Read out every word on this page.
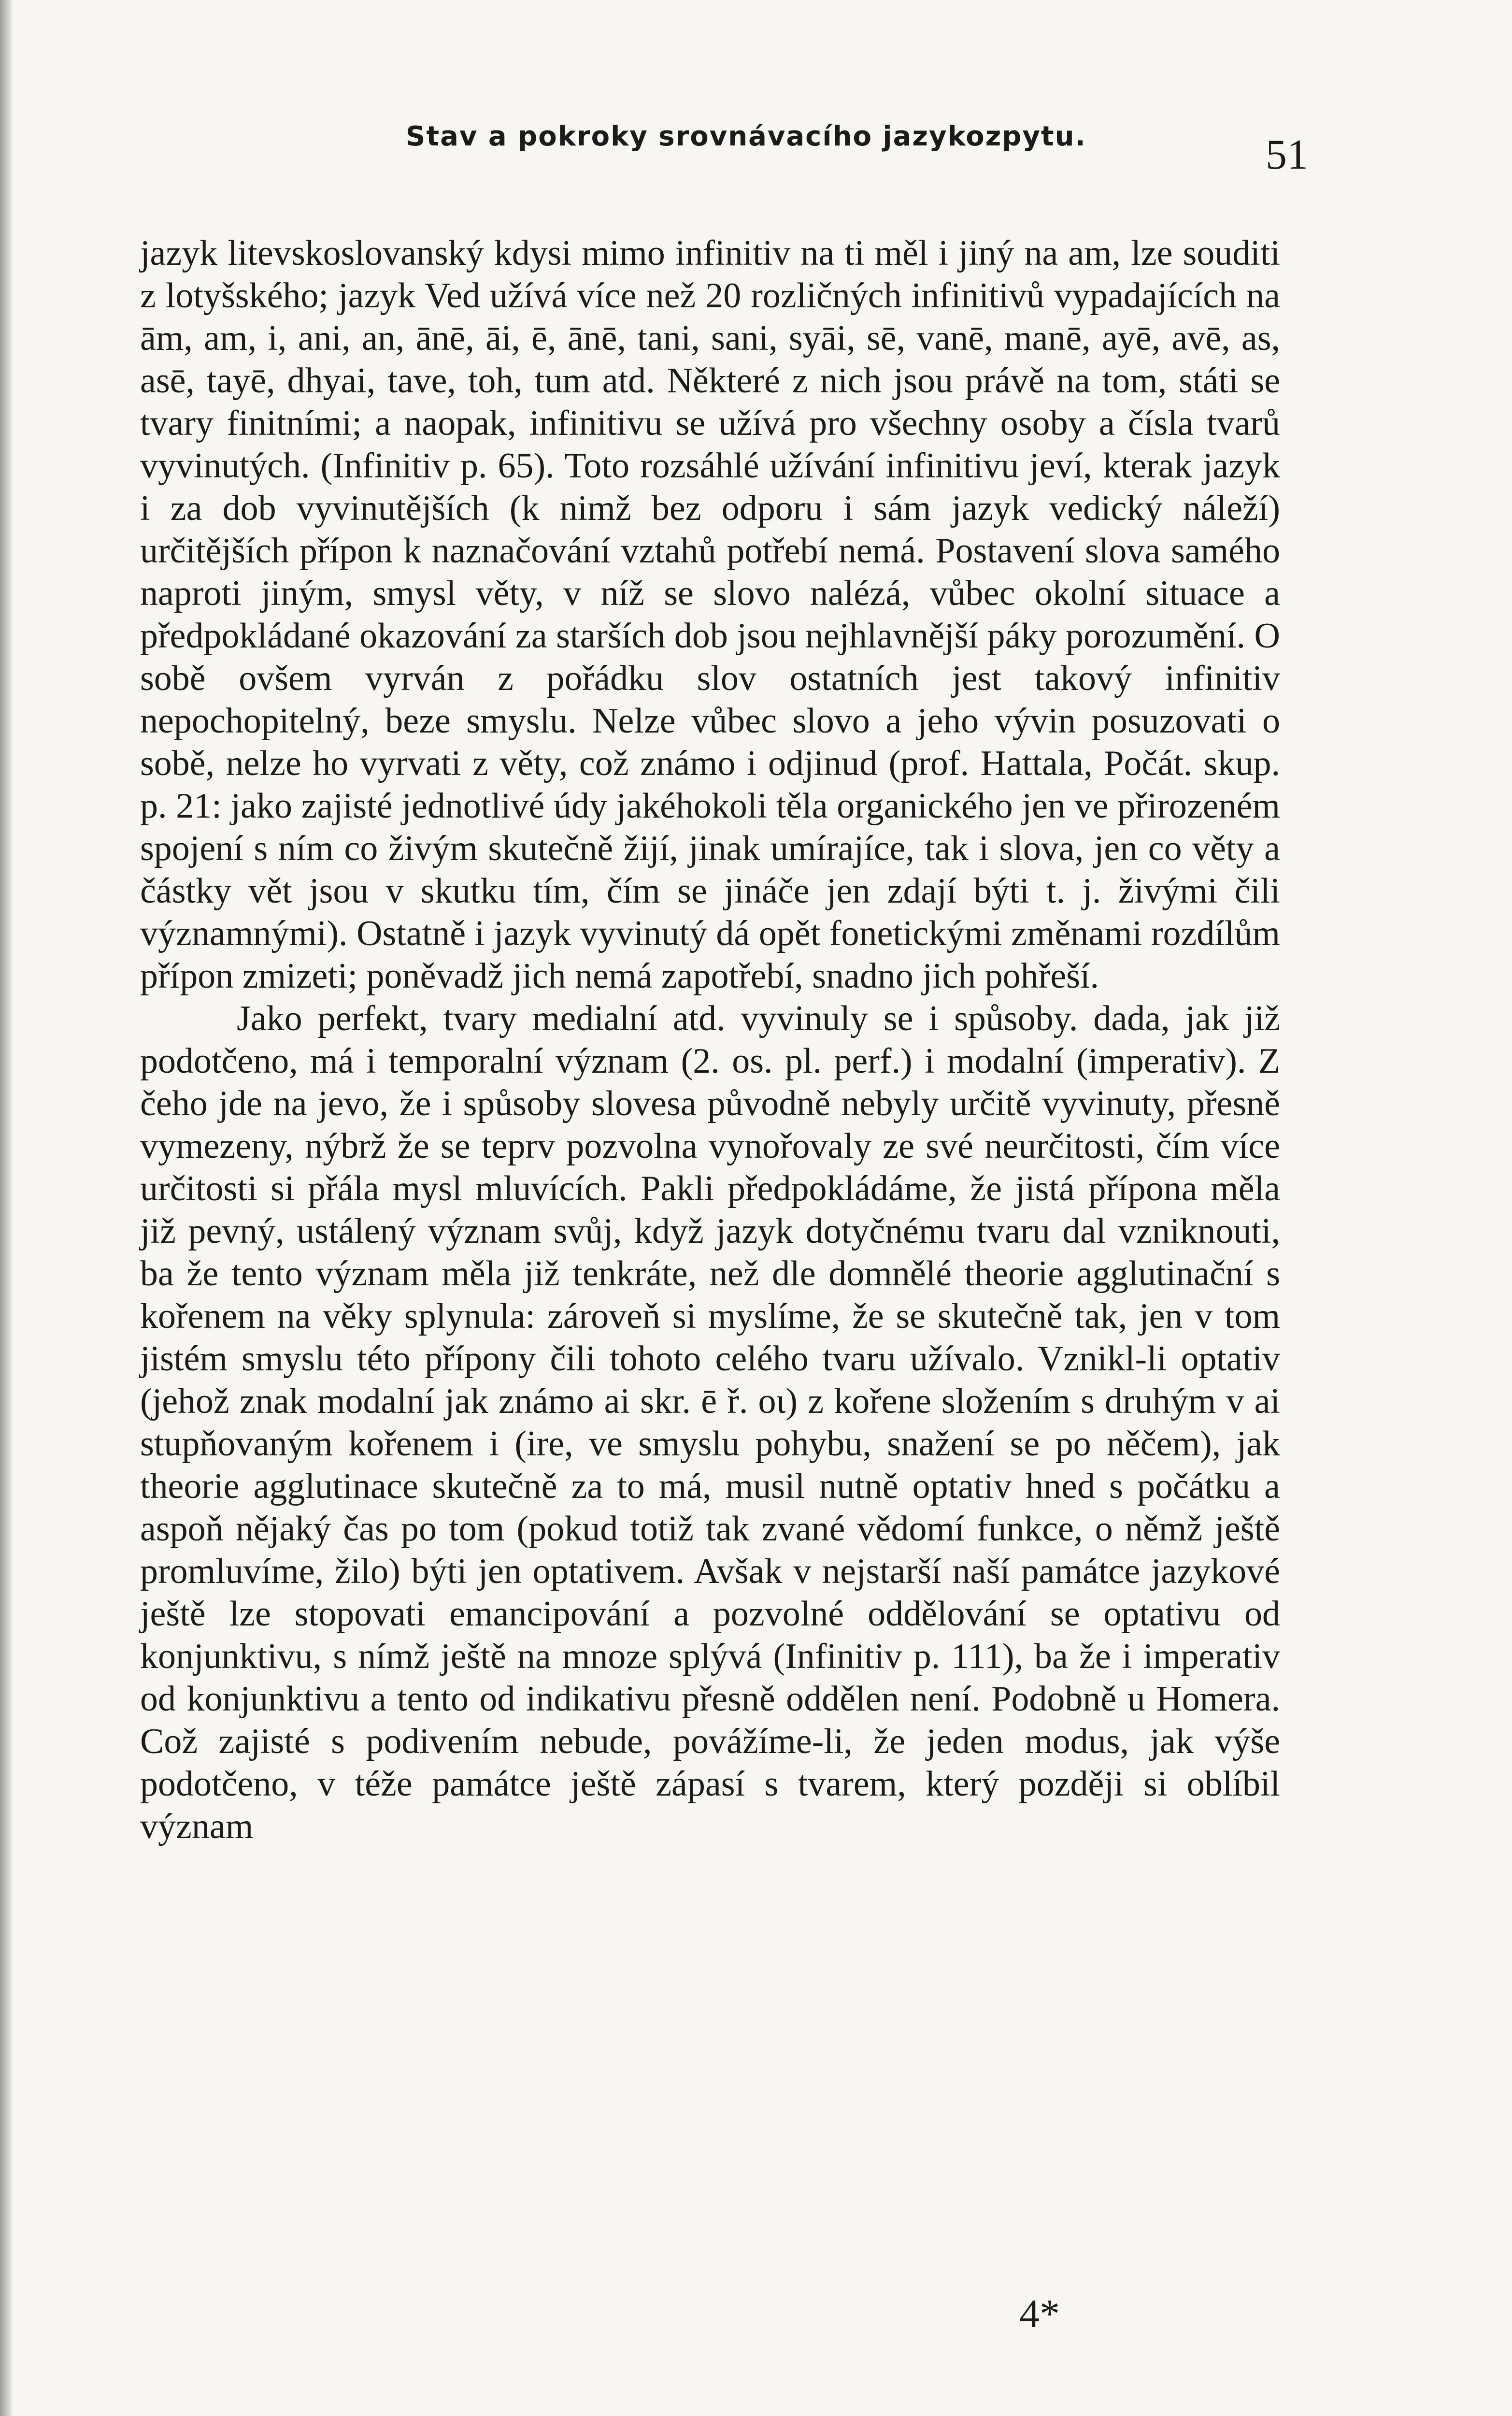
Stav a pokroky srovnávacího jazykozpytu.	51

jazyk litevskoslovanský kdysi mimo infinitiv na ti měl i jiný na am, lze souditi z lotyšského; jazyk Ved užívá více než 20 rozličných infinitivů vypadajících na ām, am, i, ani, an, ānē, āi, ē, ānē, tani, sani, syāi, sē, vanē, manē, ayē, avē, as, asē, tayē, dhyai, tave, toh, tum atd. Některé z nich jsou právě na tom, státi se tvary finitními; a naopak, infinitivu se užívá pro všechny osoby a čísla tvarů vyvinutých. (Infinitiv p. 65). Toto rozsáhlé užívání infinitivu jeví, kterak jazyk i za dob vyvinutějších (k nimž bez odporu i sám jazyk vedický náleží) určitějších přípon k naznačování vztahů potřebí nemá. Postavení slova samého naproti jiným, smysl věty, v níž se slovo nalézá, vůbec okolní situace a předpokládané okazování za starších dob jsou nejhlavnější páky porozumění. O sobě ovšem vyrván z pořádku slov ostatních jest takový infinitiv nepochopitelný, beze smyslu. Nelze vůbec slovo a jeho vývin posuzovati o sobě, nelze ho vyrvati z věty, což známo i odjinud (prof. Hattala, Počát. skup. p. 21: jako zajisté jednotlivé údy jakéhokoli těla organického jen ve přirozeném spojení s ním co živým skutečně žijí, jinak umírajíce, tak i slova, jen co věty a částky vět jsou v skutku tím, čím se jináče jen zdají býti t. j. živými čili významnými). Ostatně i jazyk vyvinutý dá opět fonetickými změnami rozdílům přípon zmizeti; poněvadž jich nemá zapotřebí, snadno jich pohřeší.

Jako perfekt, tvary medialní atd. vyvinuly se i spůsoby. dada, jak již podotčeno, má i temporalní význam (2. os. pl. perf.) i modalní (imperativ). Z čeho jde na jevo, že i spůsoby slovesa původně nebyly určitě vyvinuty, přesně vymezeny, nýbrž že se teprv pozvolna vynořovaly ze své neurčitosti, čím více určitosti si přála mysl mluvících. Pakli předpokládáme, že jistá přípona měla již pevný, ustálený význam svůj, když jazyk dotyčnému tvaru dal vzniknouti, ba že tento význam měla již tenkráte, než dle domnělé theorie agglutinační s kořenem na věky splynula: zároveň si myslíme, že se skutečně tak, jen v tom jistém smyslu této přípony čili tohoto celého tvaru užívalo. Vznikl-li optativ (jehož znak modalní jak známo ai skr. ē ř. οι) z kořene složením s druhým v ai stupňovaným kořenem i (ire, ve smyslu pohybu, snažení se po něčem), jak theorie agglutinace skutečně za to má, musil nutně optativ hned s počátku a aspoň nějaký čas po tom (pokud totiž tak zvané vědomí funkce, o němž ještě promluvíme, žilo) býti jen optativem. Avšak v nejstarší naší památce jazykové ještě lze stopovati emancipování a pozvolné oddělování se optativu od konjunktivu, s nímž ještě na mnoze splývá (Infinitiv p. 111), ba že i imperativ od konjunktivu a tento od indikativu přesně oddělen není. Podobně u Homera. Což zajisté s podivením nebude, povážíme-li, že jeden modus, jak výše podotčeno, v téže památce ještě zápasí s tvarem, který později si oblíbil význam

4*
